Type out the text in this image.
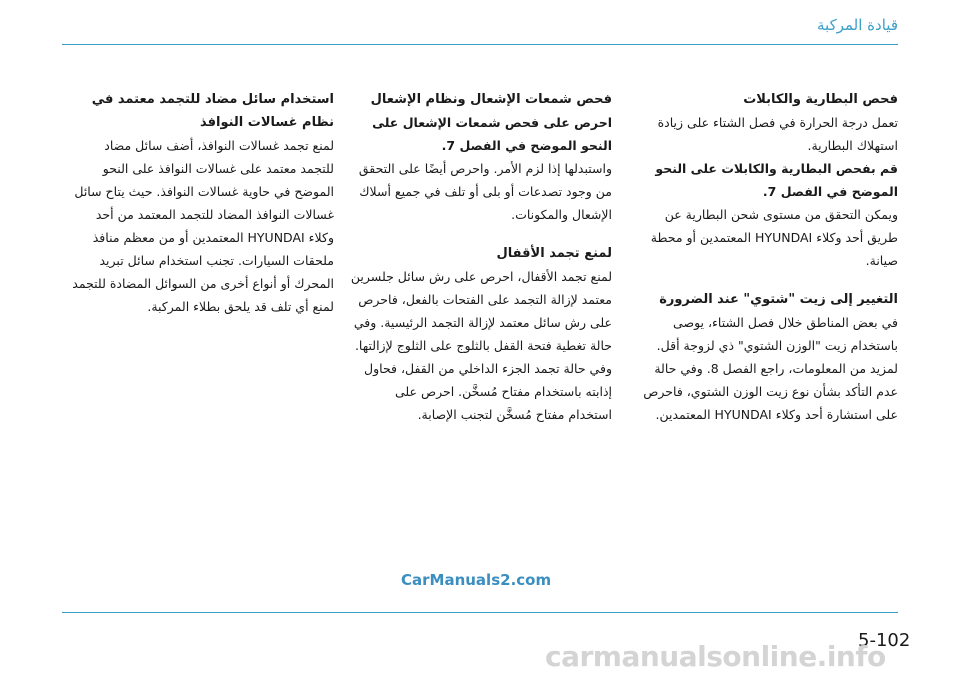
قيادة المركبة

فحص البطارية والكابلات

تعمل درجة الحرارة في فصل الشتاء على زيادة استهلاك البطارية.

قم بفحص البطارية والكابلات على النحو الموضح في الفصل 7.

ويمكن التحقق من مستوى شحن البطارية عن طريق أحد وكلاء HYUNDAI المعتمدين أو محطة صيانة.

التغيير إلى زيت "شتوي" عند الضرورة

في بعض المناطق خلال فصل الشتاء، يوصى باستخدام زيت "الوزن الشتوي" ذي لزوجة أقل. لمزيد من المعلومات، راجع الفصل 8. وفي حالة عدم التأكد بشأن نوع زيت الوزن الشتوي، فاحرص على استشارة أحد وكلاء HYUNDAI المعتمدين.

فحص شمعات الإشعال ونظام الإشعال

احرص على فحص شمعات الإشعال على النحو الموضح في الفصل 7.

واستبدلها إذا لزم الأمر. واحرص أيضًا على التحقق من وجود تصدعات أو بلى أو تلف في جميع أسلاك الإشعال والمكونات.

لمنع تجمد الأقفال

لمنع تجمد الأقفال، احرص على رش سائل جلسرين معتمد لإزالة التجمد على الفتحات بالفعل، فاحرص على رش سائل معتمد لإزالة التجمد الرئيسية. وفي حالة تغطية فتحة القفل بالثلوج على الثلوج لإزالتها. وفي حالة تجمد الجزء الداخلي من القفل، فحاول إذابته باستخدام مفتاح مُسخَّن. احرص على استخدام مفتاح مُسخَّن لتجنب الإصابة.

استخدام سائل مضاد للتجمد معتمد في نظام غسالات النوافذ

لمنع تجمد غسالات النوافذ، أضف سائل مضاد للتجمد معتمد على غسالات النوافذ على النحو الموضح في حاوية غسالات النوافذ. حيث يتاح سائل غسالات النوافذ المضاد للتجمد المعتمد من أحد وكلاء HYUNDAI المعتمدين أو من معظم منافذ ملحقات السيارات. تجنب استخدام سائل تبريد المحرك أو أنواع أخرى من السوائل المضادة للتجمد لمنع أي تلف قد يلحق بطلاء المركبة.

CarManuals2.com
5-102
carmanualsonline.info
